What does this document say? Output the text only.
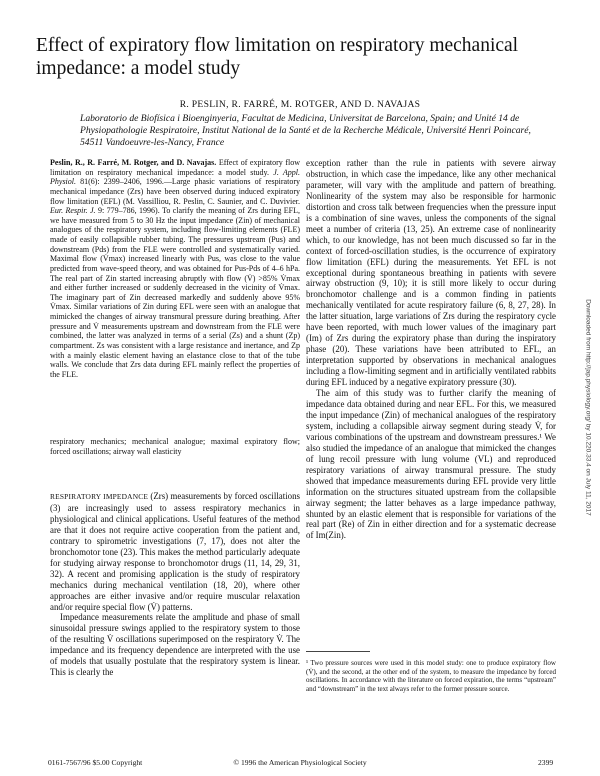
Effect of expiratory flow limitation on respiratory mechanical impedance: a model study
R. PESLIN, R. FARRÉ, M. ROTGER, AND D. NAVAJAS
Laboratorio de Biofísica i Bioenginyeria, Facultat de Medicina, Universitat de Barcelona, Spain; and Unité 14 de Physiopathologie Respiratoire, Institut National de la Santé et de la Recherche Médicale, Université Henri Poincaré, 54511 Vandoeuvre-les-Nancy, France

Peslin, R., R. Farré, M. Rotger, and D. Navajas. Effect of expiratory flow limitation on respiratory mechanical impedance: a model study. J. Appl. Physiol. 81(6): 2399–2406, 1996.—Large phasic variations of respiratory mechanical impedance (Zrs) have been observed during induced expiratory flow limitation (EFL) (M. Vassilliou, R. Peslin, C. Saunier, and C. Duvivier. Eur. Respir. J. 9: 779–786, 1996). To clarify the meaning of Zrs during EFL, we have measured from 5 to 30 Hz the input impedance (Zin) of mechanical analogues of the respiratory system, including flow-limiting elements (FLE) made of easily collapsible rubber tubing. The pressures upstream (Pus) and downstream (Pds) from the FLE were controlled and systematically varied. Maximal flow (V̇max) increased linearly with Pus, was close to the value predicted from wave-speed theory, and was obtained for Pus-Pds of 4–6 hPa. The real part of Zin started increasing abruptly with flow (V̇) >85% V̇max and either further increased or suddenly decreased in the vicinity of V̇max. The imaginary part of Zin decreased markedly and suddenly above 95% V̇max. Similar variations of Zin during EFL were seen with an analogue that mimicked the changes of airway transmural pressure during breathing. After pressure and V̇ measurements upstream and downstream from the FLE were combined, the latter was analyzed in terms of a serial (Zs) and a shunt (Zp) compartment. Zs was consistent with a large resistance and inertance, and Zp with a mainly elastic element having an elastance close to that of the tube walls. We conclude that Zrs data during EFL mainly reflect the properties of the FLE.

respiratory mechanics; mechanical analogue; maximal expiratory flow; forced oscillations; airway wall elasticity

RESPIRATORY IMPEDANCE (Zrs) measurements by forced oscillations (3) are increasingly used to assess respiratory mechanics in physiological and clinical applications. Useful features of the method are that it does not require active cooperation from the patient and, contrary to spirometric investigations (7, 17), does not alter the bronchomotor tone (23). This makes the method particularly adequate for studying airway response to bronchomotor drugs (11, 14, 29, 31, 32). A recent and promising application is the study of respiratory mechanics during mechanical ventilation (18, 20), where other approaches are either invasive and/or require muscular relaxation and/or require special flow (V̇) patterns.

Impedance measurements relate the amplitude and phase of small sinusoidal pressure swings applied to the respiratory system to those of the resulting V̇ oscillations superimposed on the respiratory V̇. The impedance and its frequency dependence are interpreted with the use of models that usually postulate that the respiratory system is linear. This is clearly the

exception rather than the rule in patients with severe airway obstruction, in which case the impedance, like any other mechanical parameter, will vary with the amplitude and pattern of breathing. Nonlinearity of the system may also be responsible for harmonic distortion and cross talk between frequencies when the pressure input is a combination of sine waves, unless the components of the signal meet a number of criteria (13, 25). An extreme case of nonlinearity which, to our knowledge, has not been much discussed so far in the context of forced-oscillation studies, is the occurrence of expiratory flow limitation (EFL) during the measurements. Yet EFL is not exceptional during spontaneous breathing in patients with severe airway obstruction (9, 10); it is still more likely to occur during bronchomotor challenge and is a common finding in patients mechanically ventilated for acute respiratory failure (6, 8, 27, 28). In the latter situation, large variations of Zrs during the respiratory cycle have been reported, with much lower values of the imaginary part (Im) of Zrs during the expiratory phase than during the inspiratory phase (20). These variations have been attributed to EFL, an interpretation supported by observations in mechanical analogues including a flow-limiting segment and in artificially ventilated rabbits during EFL induced by a negative expiratory pressure (30).

The aim of this study was to further clarify the meaning of impedance data obtained during and near EFL. For this, we measured the input impedance (Zin) of mechanical analogues of the respiratory system, including a collapsible airway segment during steady V̇, for various combinations of the upstream and downstream pressures.¹ We also studied the impedance of an analogue that mimicked the changes of lung recoil pressure with lung volume (VL) and reproduced respiratory variations of airway transmural pressure. The study showed that impedance measurements during EFL provide very little information on the structures situated upstream from the collapsible airway segment; the latter behaves as a large impedance pathway, shunted by an elastic element that is responsible for variations of the real part (Re) of Zin in either direction and for a systematic decrease of Im(Zin).

¹ Two pressure sources were used in this model study: one to produce expiratory flow (V̇), and the second, at the other end of the system, to measure the impedance by forced oscillations. In accordance with the literature on forced expiration, the terms “upstream” and “downstream” in the text always refer to the former pressure source.
0161-7567/96 $5.00 Copyright	© 1996 the American Physiological Society	2399
Downloaded from http://jap.physiology.org/ by 10.220.33.4 on July 11, 2017
